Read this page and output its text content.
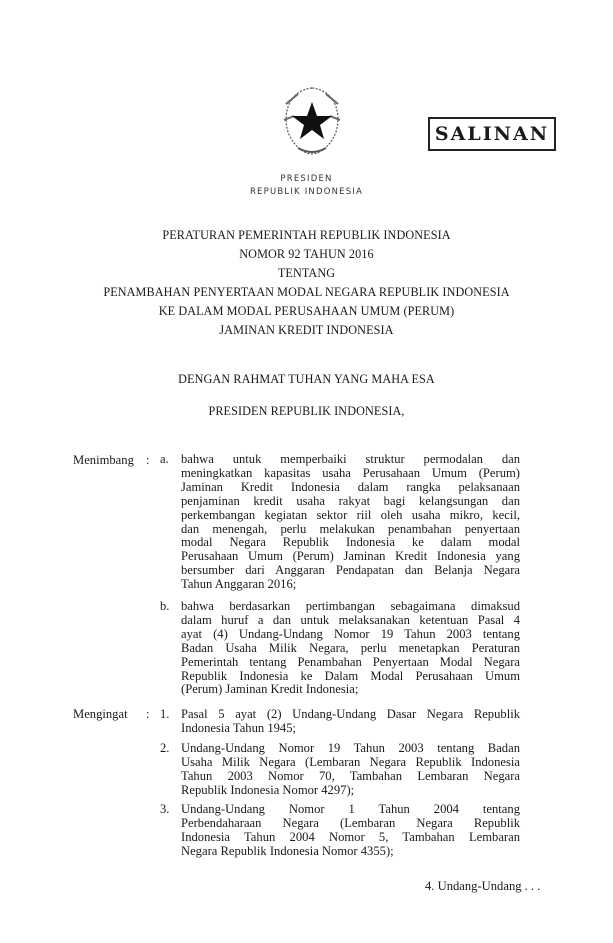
SALINAN
PRESIDEN
REPUBLIK INDONESIA
PERATURAN PEMERINTAH REPUBLIK INDONESIA
NOMOR 92 TAHUN 2016
TENTANG
PENAMBAHAN PENYERTAAN MODAL NEGARA REPUBLIK INDONESIA
KE DALAM MODAL PERUSAHAAN UMUM (PERUM)
JAMINAN KREDIT INDONESIA
DENGAN RAHMAT TUHAN YANG MAHA ESA
PRESIDEN REPUBLIK INDONESIA,
Menimbang :
Mengingat :
a. bahwa untuk memperbaiki struktur permodalan dan
meningkatkan kapasitas usaha Perusahaan Umum (Perum)
Jaminan Kredit Indonesia dalam rangka pelaksanaan
penjaminan kredit usaha rakyat bagi kelangsungan dan
perkembangan kegiatan sektor riil oleh usaha mikro, kecil,
dan menengah, perlu melakukan penambahan penyertaan
modal Negara Republik Indonesia ke dalam modal
Perusahaan Umum (Perum) Jaminan Kredit Indonesia yang
bersumber dari Anggaran Pendapatan dan Belanja Negara
Tahun Anggaran 2016;
b. bahwa berdasarkan pertimbangan sebagaimana dimaksud
dalam huruf a dan untuk melaksanakan ketentuan Pasal 4
ayat (4) Undang-Undang Nomor 19 Tahun 2003 tentang
Badan Usaha Milik Negara, perlu menetapkan Peraturan
Pemerintah tentang Penambahan Penyertaan Modal Negara
Republik Indonesia ke Dalam Modal Perusahaan Umum
(Perum) Jaminan Kredit Indonesia;
1. Pasal 5 ayat (2) Undang-Undang Dasar Negara Republik
Indonesia Tahun 1945;
2. Undang-Undang Nomor 19 Tahun 2003 tentang Badan
Usaha Milik Negara (Lembaran Negara Republik Indonesia
Tahun 2003 Nomor 70, Tambahan Lembaran Negara
Republik Indonesia Nomor 4297);
3. Undang-Undang Nomor 1 Tahun 2004 tentang
Perbendaharaan Negara (Lembaran Negara Republik
Indonesia Tahun 2004 Nomor 5, Tambahan Lembaran
Negara Republik Indonesia Nomor 4355);
4. Undang-Undang . . .
